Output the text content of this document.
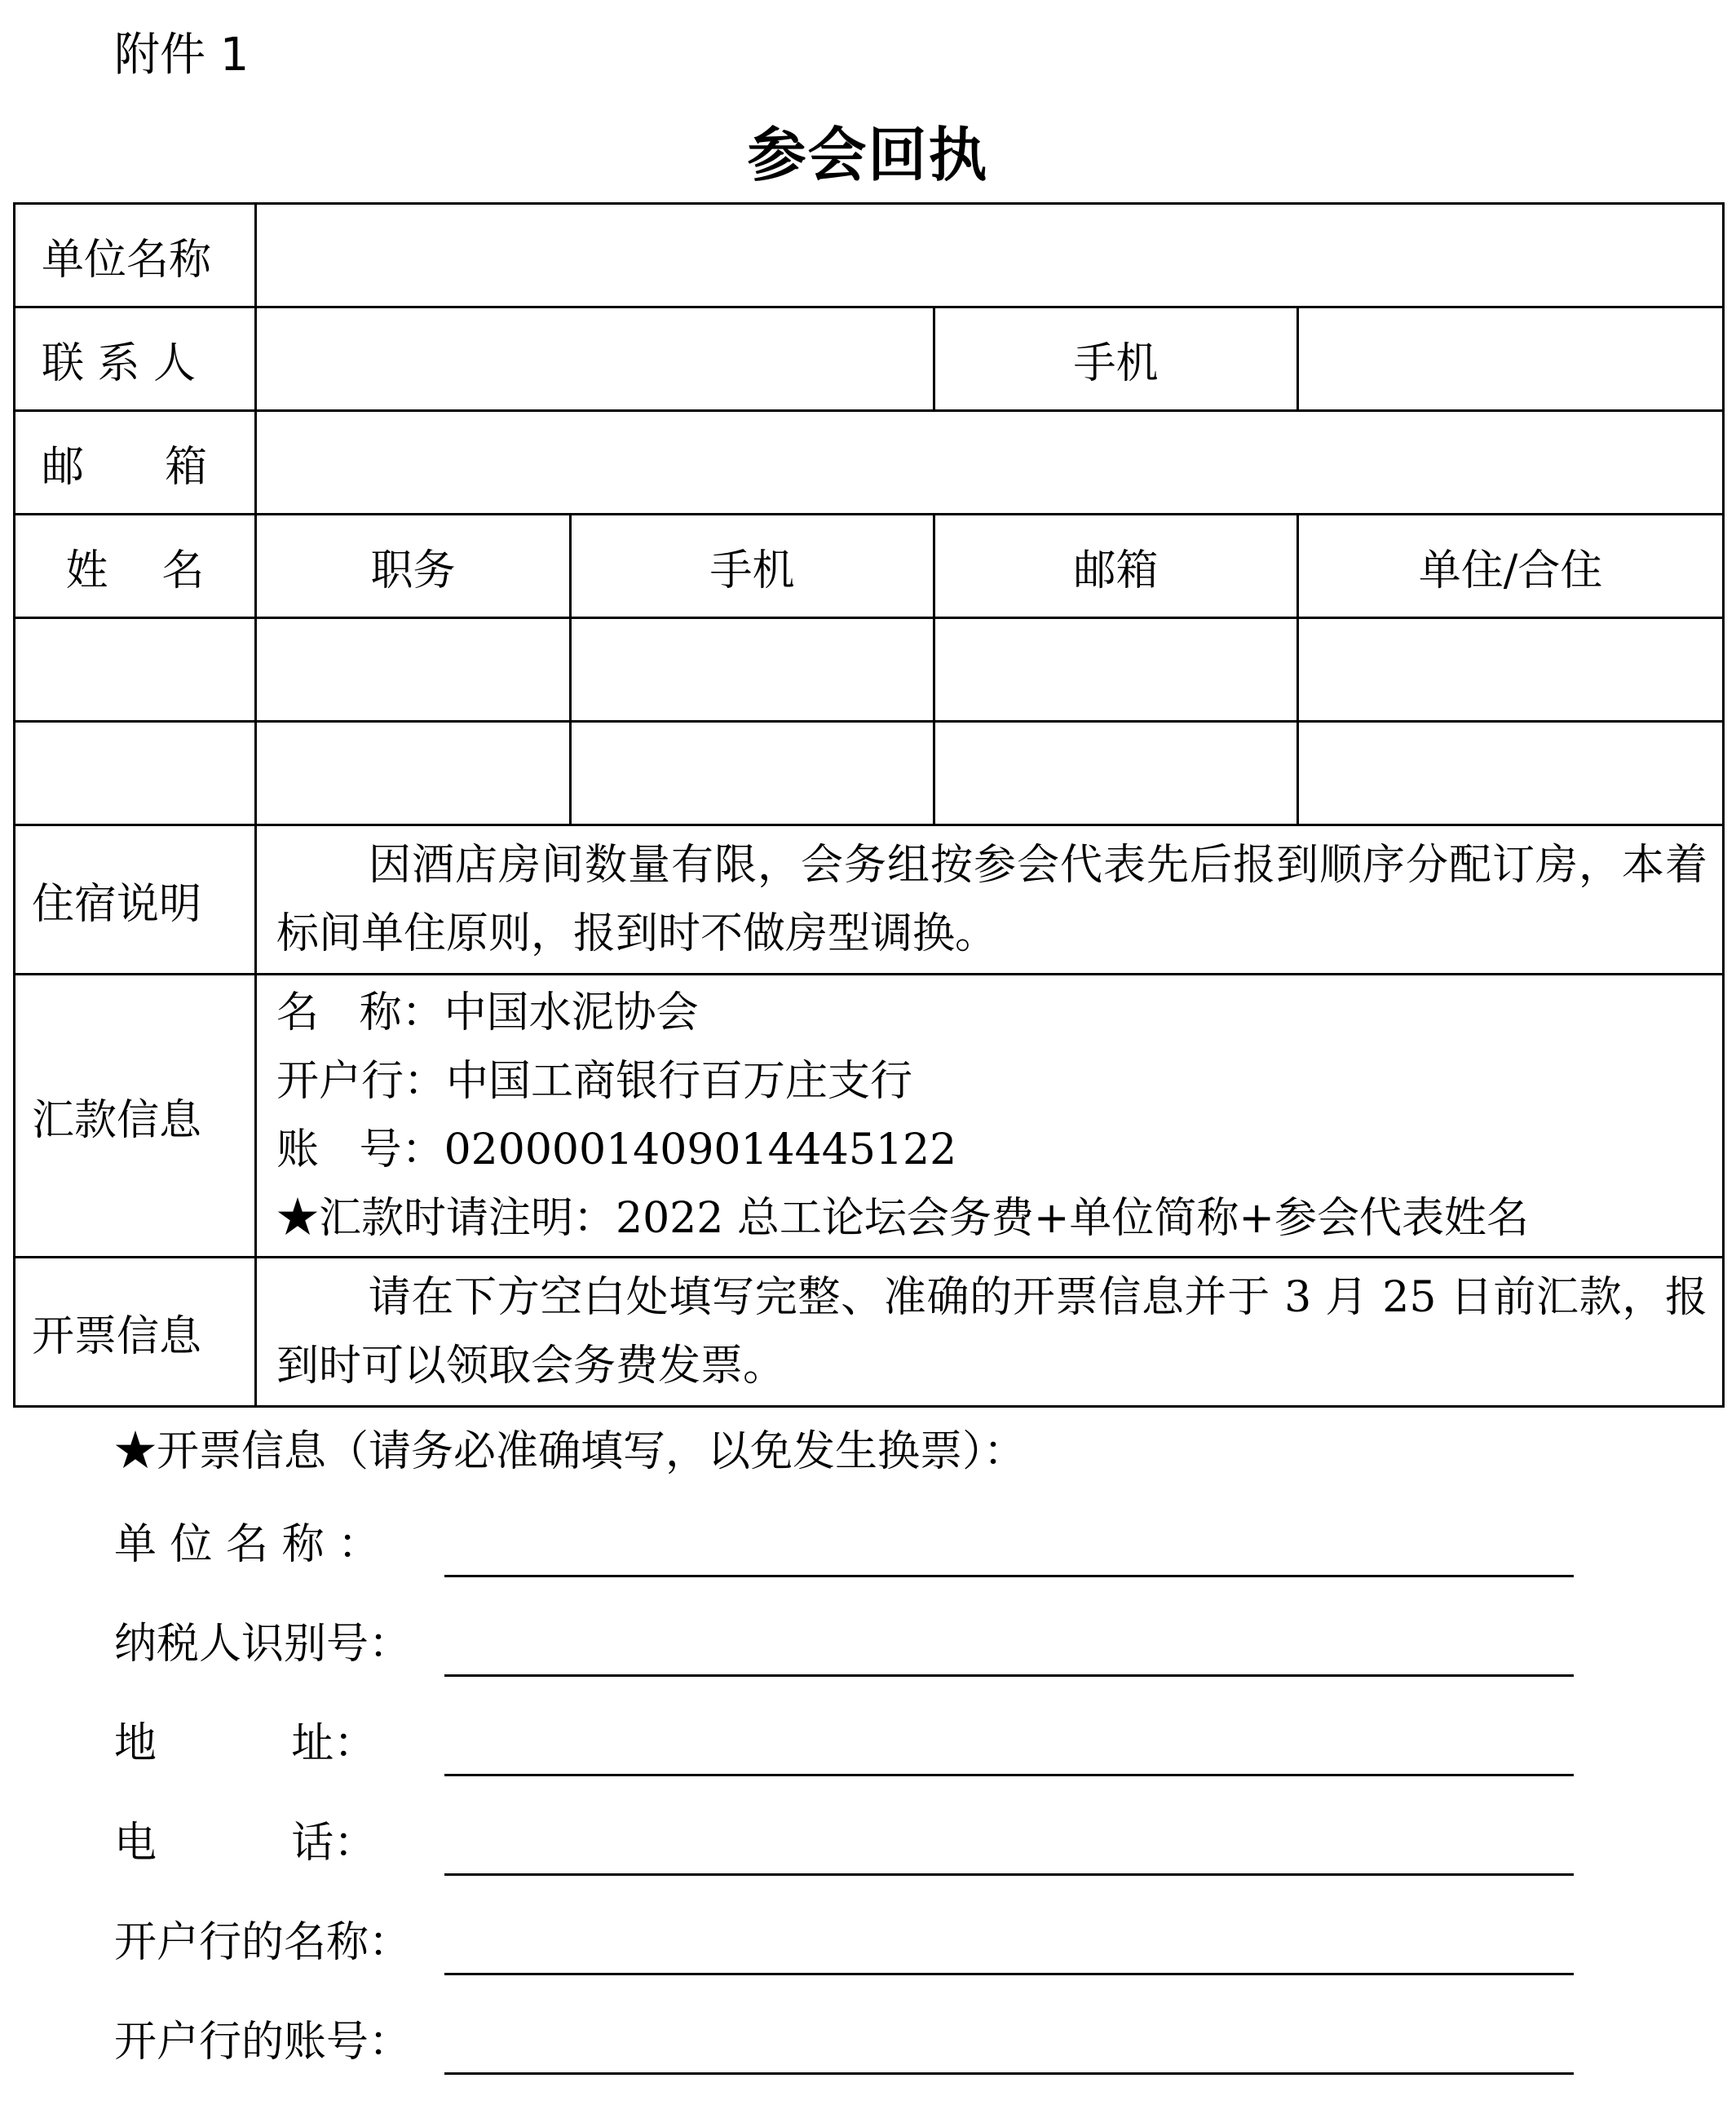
附件 1
参会回执
单位名称				
联 系 人			手机	
邮      箱				
姓    名	职务	手机	邮箱	单住/合住

住宿说明	因酒店房间数量有限，会务组按参会代表先后报到顺序分配订房，本着标间单住原则，报到时不做房型调换。			
汇款信息	名   称：中国水泥协会
开户行：中国工商银行百万庄支行
账   号：0200001409014445122
★汇款时请注明：2022 总工论坛会务费+单位简称+参会代表姓名			

开票信息	请在下方空白处填写完整、准确的开票信息并于 3 月 25 日前汇款，报到时可以领取会务费发票。			
★开票信息（请务必准确填写，以免发生换票）：
单 位 名 称 ：
纳税人识别号：
地          址：
电          话：
开户行的名称：
开户行的账号：
